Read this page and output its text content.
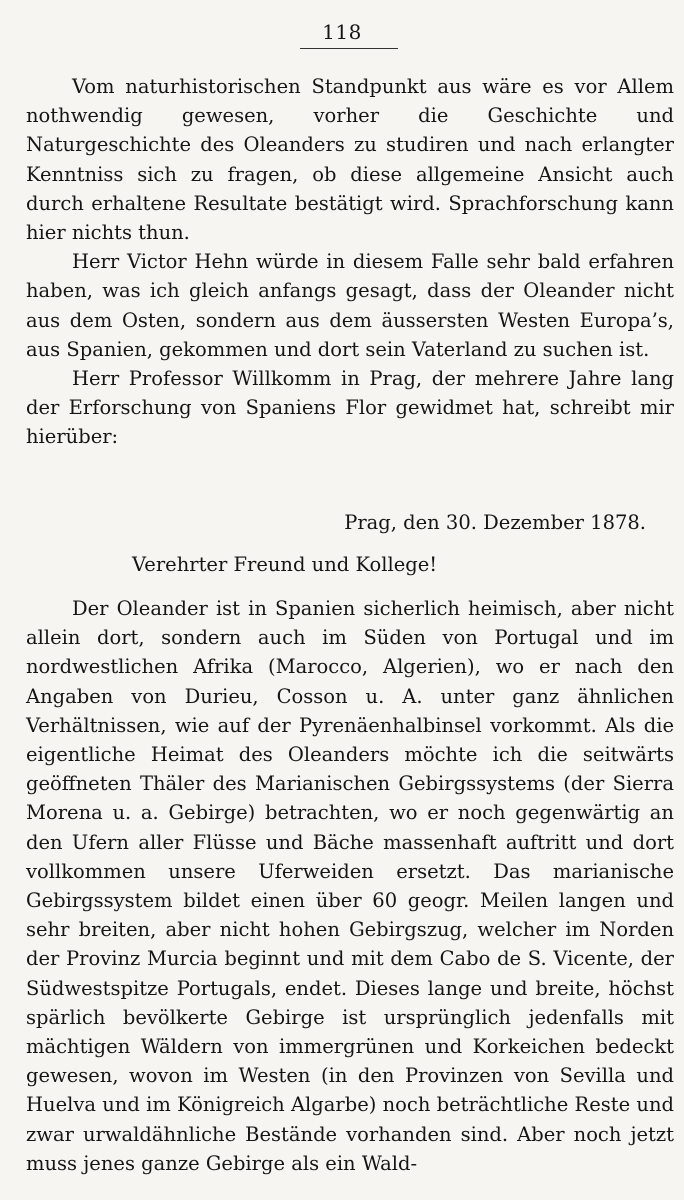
118

Vom naturhistorischen Standpunkt aus wäre es vor Allem nothwendig gewesen, vorher die Geschichte und Naturgeschichte des Oleanders zu studiren und nach erlangter Kenntniss sich zu fragen, ob diese allgemeine Ansicht auch durch erhaltene Resultate bestätigt wird. Sprachforschung kann hier nichts thun.

Herr Victor Hehn würde in diesem Falle sehr bald erfahren haben, was ich gleich anfangs gesagt, dass der Oleander nicht aus dem Osten, sondern aus dem äussersten Westen Europa’s, aus Spanien, gekommen und dort sein Vaterland zu suchen ist.

Herr Professor Willkomm in Prag, der mehrere Jahre lang der Erforschung von Spaniens Flor gewidmet hat, schreibt mir hierüber:

Prag, den 30. Dezember 1878.
Verehrter Freund und Kollege!

Der Oleander ist in Spanien sicherlich heimisch, aber nicht allein dort, sondern auch im Süden von Portugal und im nordwestlichen Afrika (Marocco, Algerien), wo er nach den Angaben von Durieu, Cosson u. A. unter ganz ähnlichen Verhältnissen, wie auf der Pyrenäenhalbinsel vorkommt. Als die eigentliche Heimat des Oleanders möchte ich die seitwärts geöffneten Thäler des Marianischen Gebirgssystems (der Sierra Morena u. a. Gebirge) betrachten, wo er noch gegenwärtig an den Ufern aller Flüsse und Bäche massenhaft auftritt und dort vollkommen unsere Uferweiden ersetzt. Das marianische Gebirgssystem bildet einen über 60 geogr. Meilen langen und sehr breiten, aber nicht hohen Gebirgszug, welcher im Norden der Provinz Murcia beginnt und mit dem Cabo de S. Vicente, der Südwestspitze Portugals, endet. Dieses lange und breite, höchst spärlich bevölkerte Gebirge ist ursprünglich jedenfalls mit mächtigen Wäldern von immergrünen und Korkeichen bedeckt gewesen, wovon im Westen (in den Provinzen von Sevilla und Huelva und im Königreich Algarbe) noch beträchtliche Reste und zwar urwaldähnliche Bestände vorhanden sind. Aber noch jetzt muss jenes ganze Gebirge als ein Wald-
